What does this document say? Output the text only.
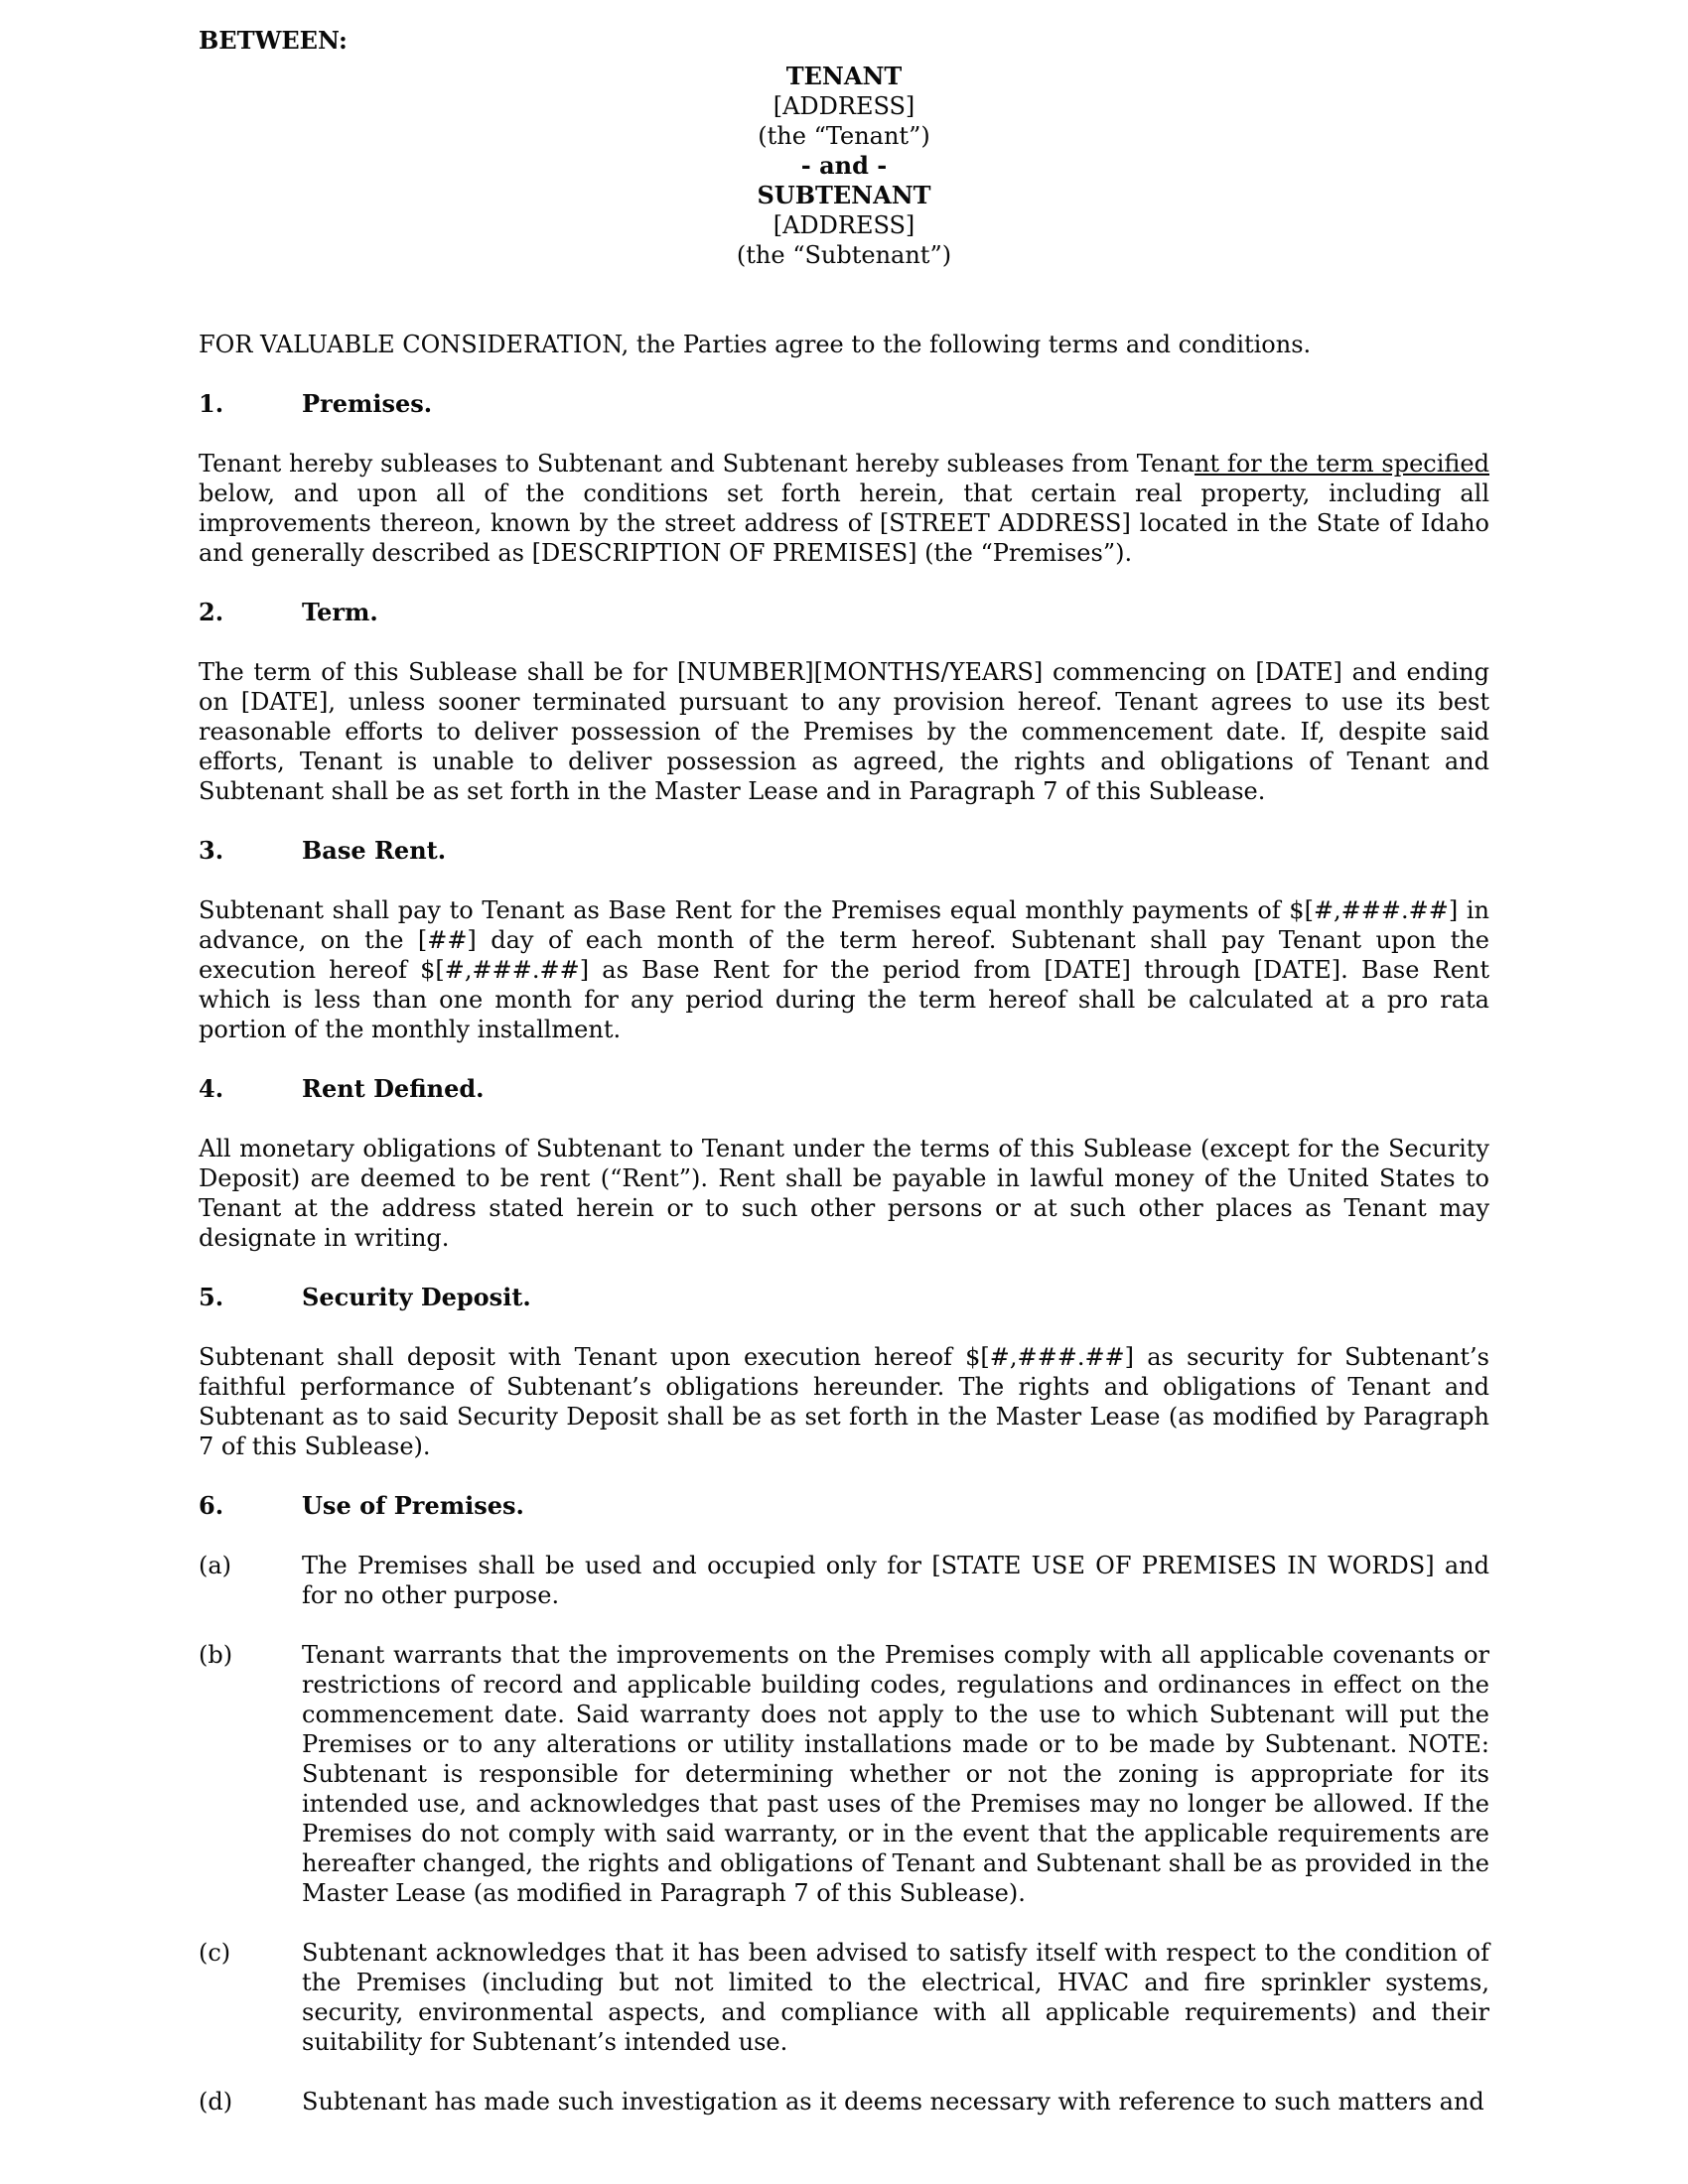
BETWEEN:

TENANT

[ADDRESS]

(the “Tenant”)

- and -

SUBTENANT

[ADDRESS]

(the “Subtenant”)

FOR VALUABLE CONSIDERATION, the Parties agree to the following terms and conditions.

1.	Premises.

Tenant hereby subleases to Subtenant and Subtenant hereby subleases from Tenant for the term specified below, and upon all of the conditions set forth herein, that certain real property, including all improvements thereon, known by the street address of [STREET ADDRESS] located in the State of Idaho and generally described as [DESCRIPTION OF PREMISES] (the “Premises”).

2.	Term.

The term of this Sublease shall be for [NUMBER][MONTHS/YEARS] commencing on [DATE] and ending on [DATE], unless sooner terminated pursuant to any provision hereof. Tenant agrees to use its best reasonable efforts to deliver possession of the Premises by the commencement date. If, despite said efforts, Tenant is unable to deliver possession as agreed, the rights and obligations of Tenant and Subtenant shall be as set forth in the Master Lease and in Paragraph 7 of this Sublease.

3.	Base Rent.

Subtenant shall pay to Tenant as Base Rent for the Premises equal monthly payments of $[#,###.##] in advance, on the [##] day of each month of the term hereof. Subtenant shall pay Tenant upon the execution hereof $[#,###.##] as Base Rent for the period from [DATE] through [DATE]. Base Rent which is less than one month for any period during the term hereof shall be calculated at a pro rata portion of the monthly installment.

4.	Rent Defined.

All monetary obligations of Subtenant to Tenant under the terms of this Sublease (except for the Security Deposit) are deemed to be rent (“Rent”). Rent shall be payable in lawful money of the United States to Tenant at the address stated herein or to such other persons or at such other places as Tenant may designate in writing.

5.	Security Deposit.

Subtenant shall deposit with Tenant upon execution hereof $[#,###.##] as security for Subtenant’s faithful performance of Subtenant’s obligations hereunder. The rights and obligations of Tenant and Subtenant as to said Security Deposit shall be as set forth in the Master Lease (as modified by Paragraph 7 of this Sublease).

6.	Use of Premises.

(a)	The Premises shall be used and occupied only for [STATE USE OF PREMISES IN WORDS] and for no other purpose.

(b)	Tenant warrants that the improvements on the Premises comply with all applicable covenants or restrictions of record and applicable building codes, regulations and ordinances in effect on the commencement date. Said warranty does not apply to the use to which Subtenant will put the Premises or to any alterations or utility installations made or to be made by Subtenant. NOTE: Subtenant is responsible for determining whether or not the zoning is appropriate for its intended use, and acknowledges that past uses of the Premises may no longer be allowed. If the Premises do not comply with said warranty, or in the event that the applicable requirements are hereafter changed, the rights and obligations of Tenant and Subtenant shall be as provided in the Master Lease (as modified in Paragraph 7 of this Sublease).

(c)	Subtenant acknowledges that it has been advised to satisfy itself with respect to the condition of the Premises (including but not limited to the electrical, HVAC and fire sprinkler systems, security, environmental aspects, and compliance with all applicable requirements) and their suitability for Subtenant’s intended use.

(d)	Subtenant has made such investigation as it deems necessary with reference to such matters and
